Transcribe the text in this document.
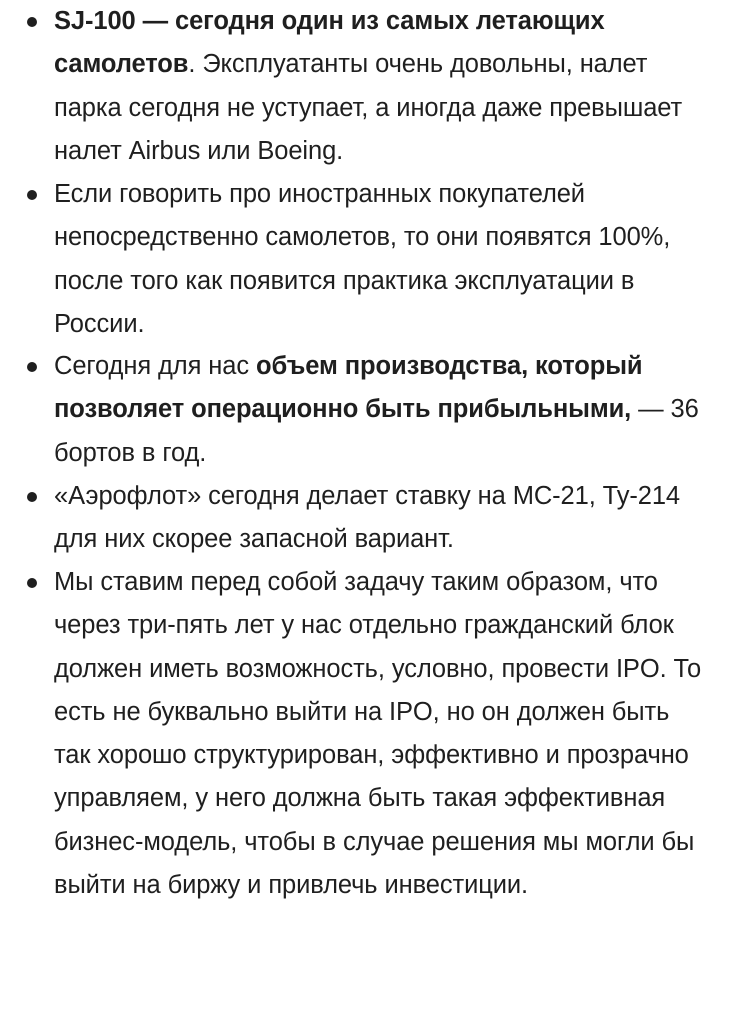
SJ-100 — сегодня один из самых летающих самолетов. Эксплуатанты очень довольны, налет парка сегодня не уступает, а иногда даже превышает налет Airbus или Boeing.
Если говорить про иностранных покупателей непосредственно самолетов, то они появятся 100%, после того как появится практика эксплуатации в России.
Сегодня для нас объем производства, который позволяет операционно быть прибыльными, — 36 бортов в год.
«Аэрофлот» сегодня делает ставку на МС-21, Ту-214 для них скорее запасной вариант.
Мы ставим перед собой задачу таким образом, что через три-пять лет у нас отдельно гражданский блок должен иметь возможность, условно, провести IPO. То есть не буквально выйти на IPO, но он должен быть так хорошо структурирован, эффективно и прозрачно управляем, у него должна быть такая эффективная бизнес-модель, чтобы в случае решения мы могли бы выйти на биржу и привлечь инвестиции.
